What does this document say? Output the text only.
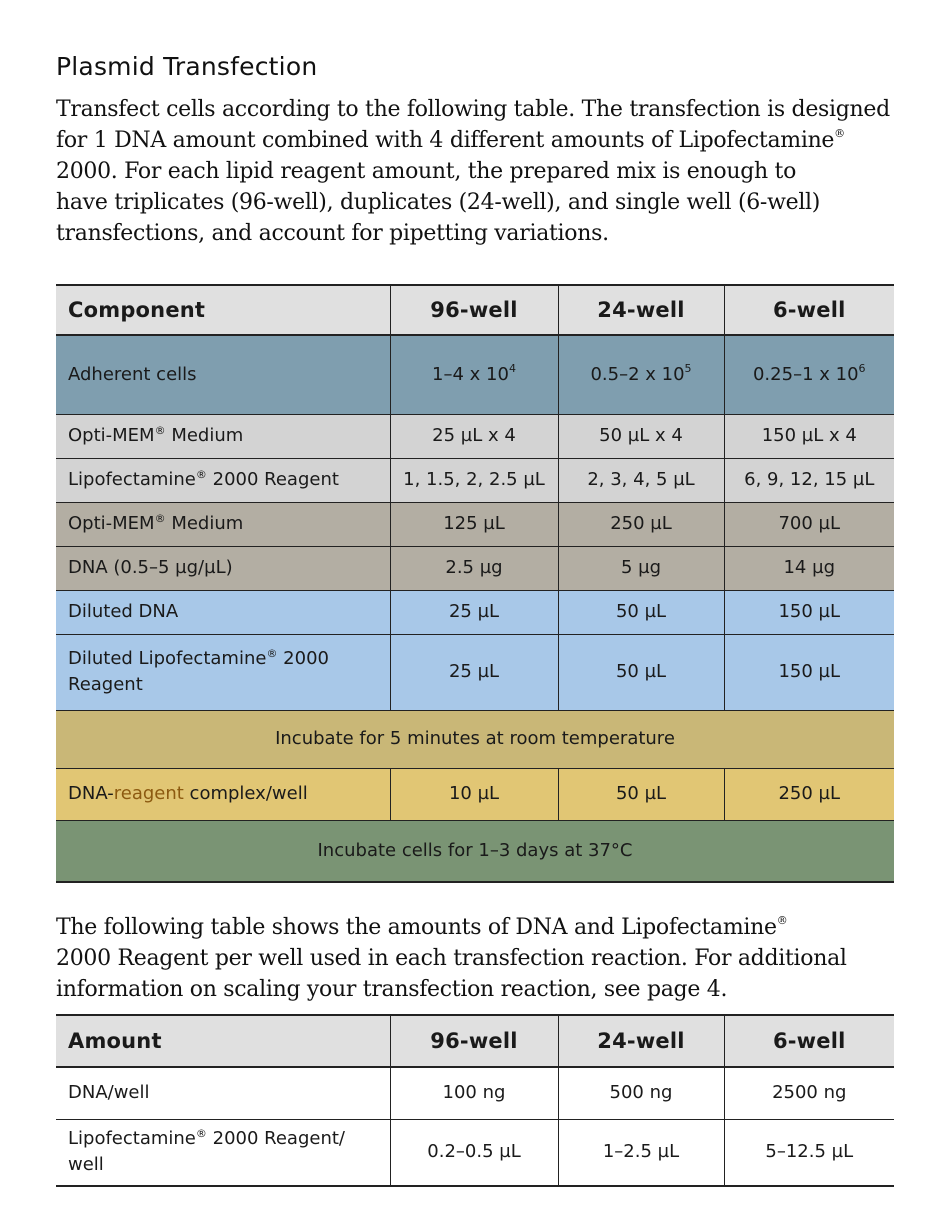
Plasmid Transfection

Transfect cells according to the following table. The transfection is designed
for 1 DNA amount combined with 4 different amounts of Lipofectamine®
2000. For each lipid reagent amount, the prepared mix is enough to
have triplicates (96-well), duplicates (24-well), and single well (6-well)
transfections, and account for pipetting variations.

Component	96-well	24-well	6-well
Adherent cells	1–4 x $10^4$	0.5–2 x $10^5$	0.25–1 x $10^6$
Opti-MEM® Medium	25 µL x 4	50 µL x 4	150 µL x 4
Lipofectamine® 2000 Reagent	1, 1.5, 2, 2.5 µL	2, 3, 4, 5 µL	6, 9, 12, 15 µL
Opti-MEM® Medium	125 µL	250 µL	700 µL
DNA (0.5–5 µg/µL)	2.5 µg	5 µg	14 µg
Diluted DNA	25 µL	50 µL	150 µL
Diluted Lipofectamine® 2000 Reagent	25 µL	50 µL	150 µL
Incubate for 5 minutes at room temperature			
DNA-reagent complex/well	10 µL	50 µL	250 µL
Incubate cells for 1–3 days at 37°C			

The following table shows the amounts of DNA and Lipofectamine®
2000 Reagent per well used in each transfection reaction. For additional
information on scaling your transfection reaction, see page 4.

Amount	96-well	24-well	6-well
DNA/well	100 ng	500 ng	2500 ng
Lipofectamine® 2000 Reagent/ well	0.2–0.5 µL	1–2.5 µL	5–12.5 µL
